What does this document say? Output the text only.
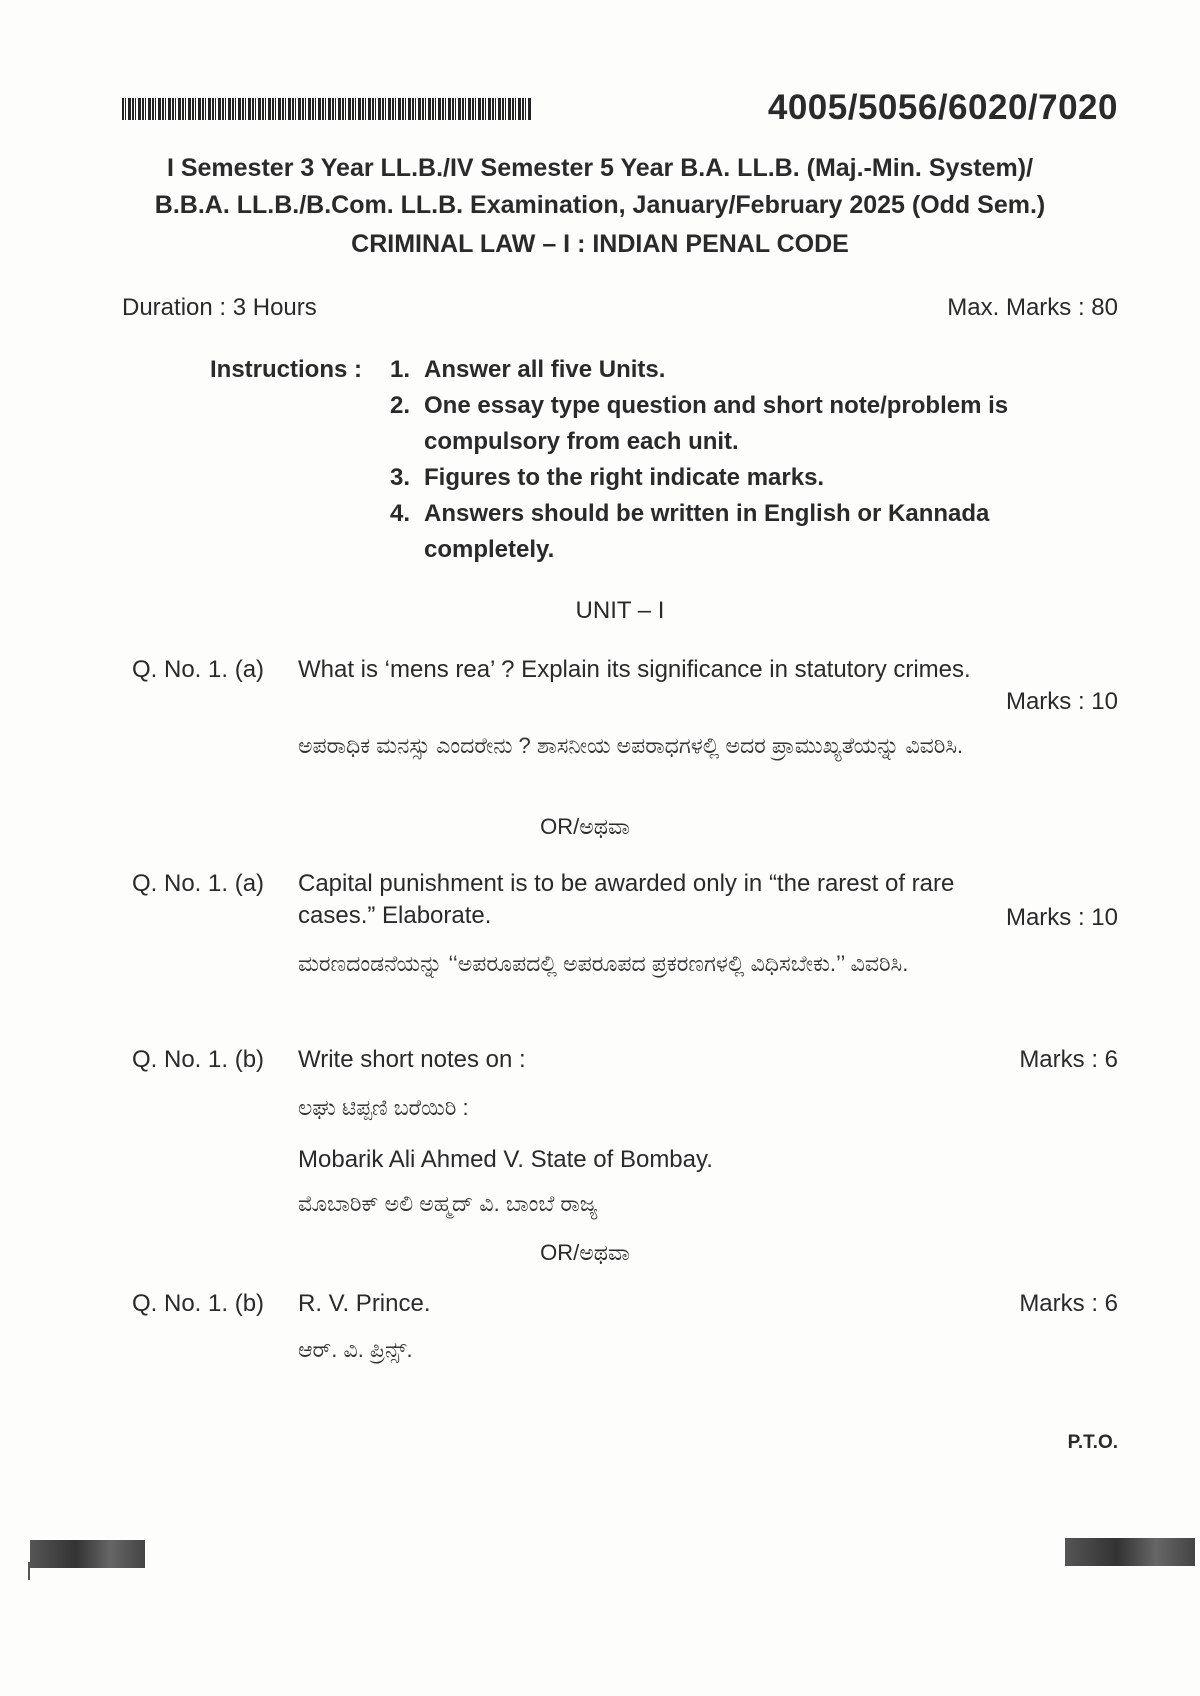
4005/5056/6020/7020
I Semester 3 Year LL.B./IV Semester 5 Year B.A. LL.B. (Maj.-Min. System)/
B.B.A. LL.B./B.Com. LL.B. Examination, January/February 2025 (Odd Sem.)
CRIMINAL LAW – I : INDIAN PENAL CODE
Duration : 3 Hours	Max. Marks : 80
Instructions : 1. Answer all five Units.
2. One essay type question and short note/problem is
compulsory from each unit.
3. Figures to the right indicate marks.
4. Answers should be written in English or Kannada
completely.
UNIT – I
Q. No. 1. (a) What is ‘mens rea’ ? Explain its significance in statutory crimes.
Marks : 10
ಅಪರಾಧಿಕ ಮನಸ್ಸು ಎಂದರೇನು ? ಶಾಸನೀಯ ಅಪರಾಧಗಳಲ್ಲಿ ಅದರ ಪ್ರಾಮುಖ್ಯತೆಯನ್ನು ವಿವರಿಸಿ.
OR/ಅಥವಾ
Q. No. 1. (a) Capital punishment is to be awarded only in “the rarest of rare cases.” Elaborate.	Marks : 10
ಮರಣದಂಡನೆಯನ್ನು ‘‘ಅಪರೂಪದಲ್ಲಿ ಅಪರೂಪದ ಪ್ರಕರಣಗಳಲ್ಲಿ ವಿಧಿಸಬೇಕು.’’ ವಿವರಿಸಿ.
Q. No. 1. (b) Write short notes on :	Marks : 6
ಲಘು ಟಿಪ್ಪಣಿ ಬರೆಯಿರಿ :
Mobarik Ali Ahmed V. State of Bombay.
ಮೊಬಾರಿಕ್ ಅಲಿ ಅಹ್ಮದ್ ವಿ. ಬಾಂಬೆ ರಾಜ್ಯ
OR/ಅಥವಾ
Q. No. 1. (b) R. V. Prince.	Marks : 6
ಆರ್. ವಿ. ಪ್ರಿನ್ಸ್.
P.T.O.
